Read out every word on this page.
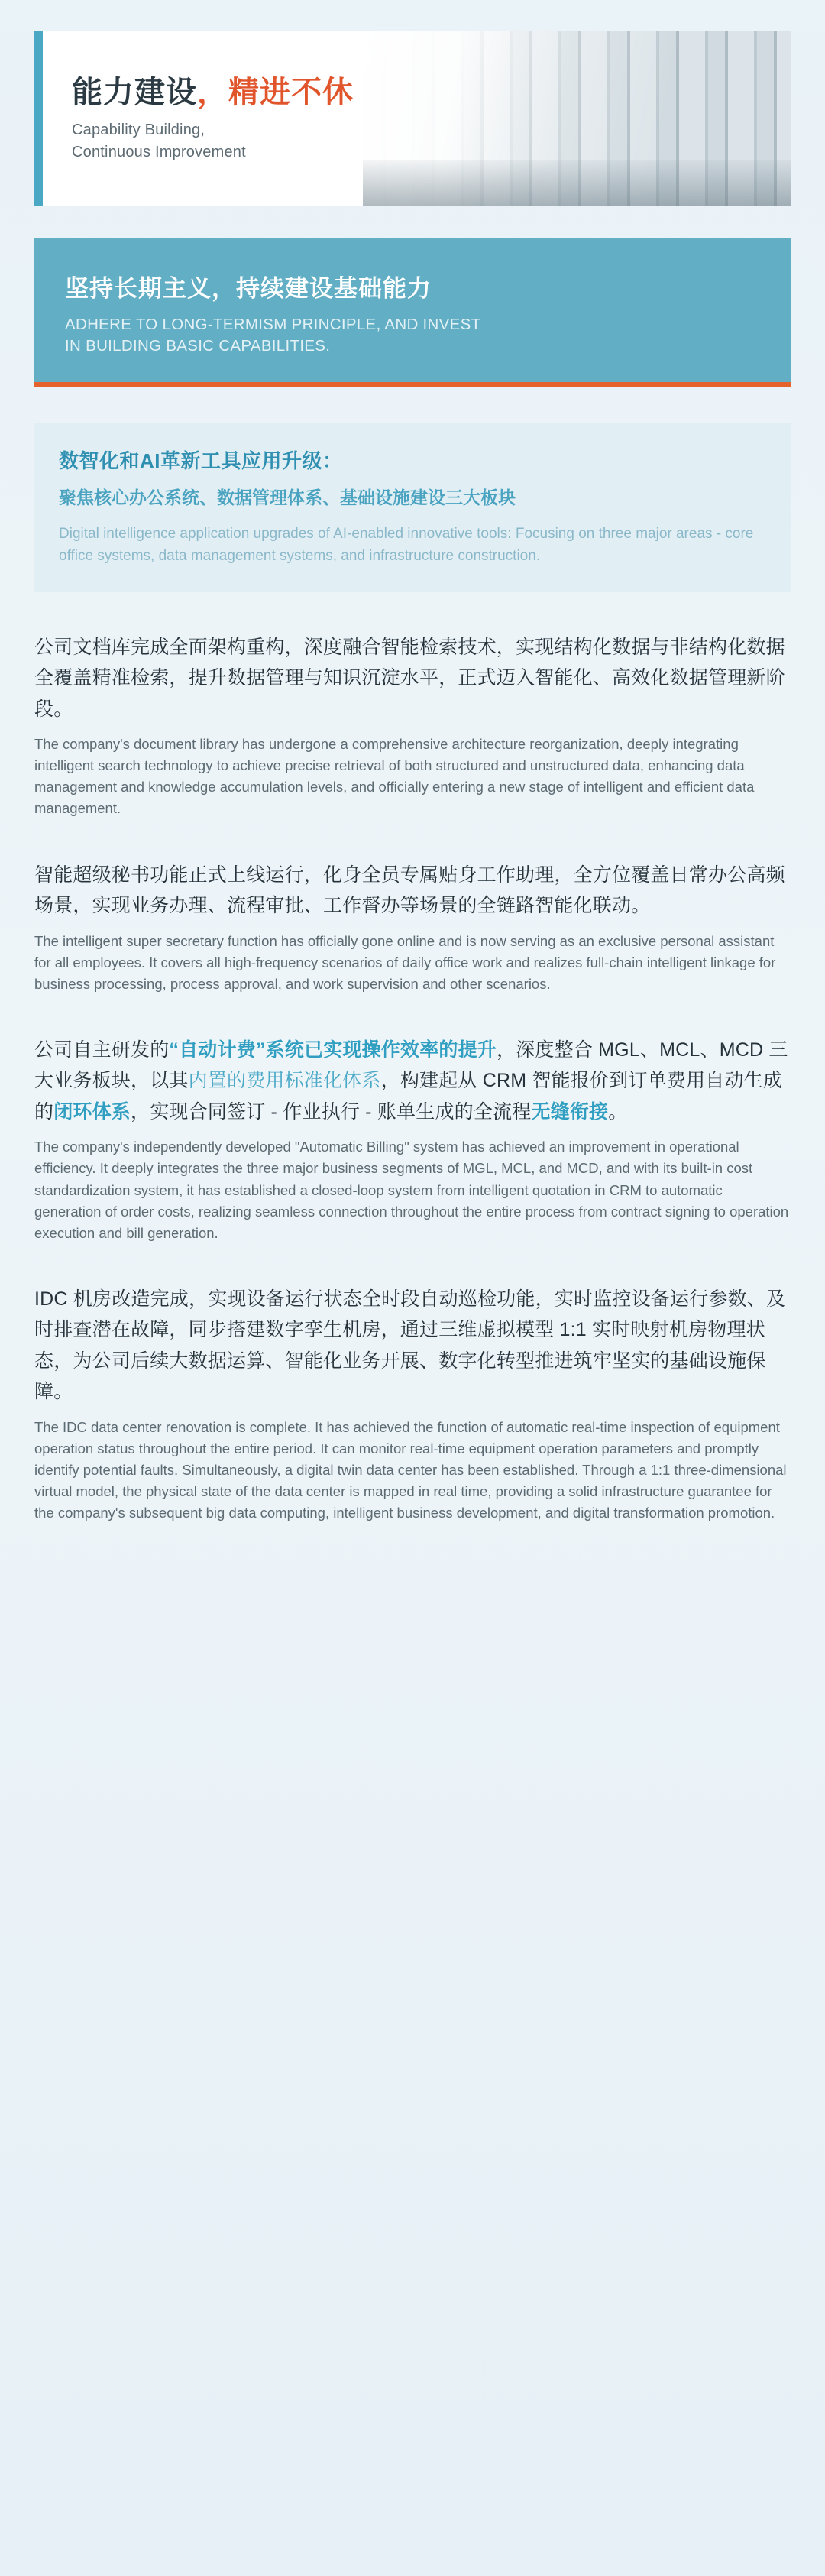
能力建设，精进不休
Capability Building,
Continuous Improvement
坚持长期主义，持续建设基础能力
ADHERE TO LONG-TERMISM PRINCIPLE, AND INVEST
IN BUILDING BASIC CAPABILITIES.
数智化和AI革新工具应用升级：
聚焦核心办公系统、数据管理体系、基础设施建设三大板块
Digital intelligence application upgrades of AI-enabled innovative tools: Focusing on three major areas - core office systems, data management systems, and infrastructure construction.
公司文档库完成全面架构重构，深度融合智能检索技术，实现结构化数据与非结构化数据全覆盖精准检索，提升数据管理与知识沉淀水平，正式迈入智能化、高效化数据管理新阶段。
The company's document library has undergone a comprehensive architecture reorganization, deeply integrating intelligent search technology to achieve precise retrieval of both structured and unstructured data, enhancing data management and knowledge accumulation levels, and officially entering a new stage of intelligent and efficient data management.
智能超级秘书功能正式上线运行，化身全员专属贴身工作助理，全方位覆盖日常办公高频场景，实现业务办理、流程审批、工作督办等场景的全链路智能化联动。
The intelligent super secretary function has officially gone online and is now serving as an exclusive personal assistant for all employees. It covers all high-frequency scenarios of daily office work and realizes full-chain intelligent linkage for business processing, process approval, and work supervision and other scenarios.
公司自主研发的“自动计费”系统已实现操作效率的提升，深度整合 MGL、MCL、MCD 三大业务板块，以其内置的费用标准化体系，构建起从 CRM 智能报价到订单费用自动生成的闭环体系，实现合同签订 - 作业执行 - 账单生成的全流程无缝衔接。
The company's independently developed "Automatic Billing" system has achieved an improvement in operational efficiency. It deeply integrates the three major business segments of MGL, MCL, and MCD, and with its built-in cost standardization system, it has established a closed-loop system from intelligent quotation in CRM to automatic generation of order costs, realizing seamless connection throughout the entire process from contract signing to operation execution and bill generation.
IDC 机房改造完成，实现设备运行状态全时段自动巡检功能，实时监控设备运行参数、及时排查潜在故障，同步搭建数字孪生机房，通过三维虚拟模型 1:1 实时映射机房物理状态，为公司后续大数据运算、智能化业务开展、数字化转型推进筑牢坚实的基础设施保障。
The IDC data center renovation is complete. It has achieved the function of automatic real-time inspection of equipment operation status throughout the entire period. It can monitor real-time equipment operation parameters and promptly identify potential faults. Simultaneously, a digital twin data center has been established. Through a 1:1 three-dimensional virtual model, the physical state of the data center is mapped in real time, providing a solid infrastructure guarantee for the company's subsequent big data computing, intelligent business development, and digital transformation promotion.
